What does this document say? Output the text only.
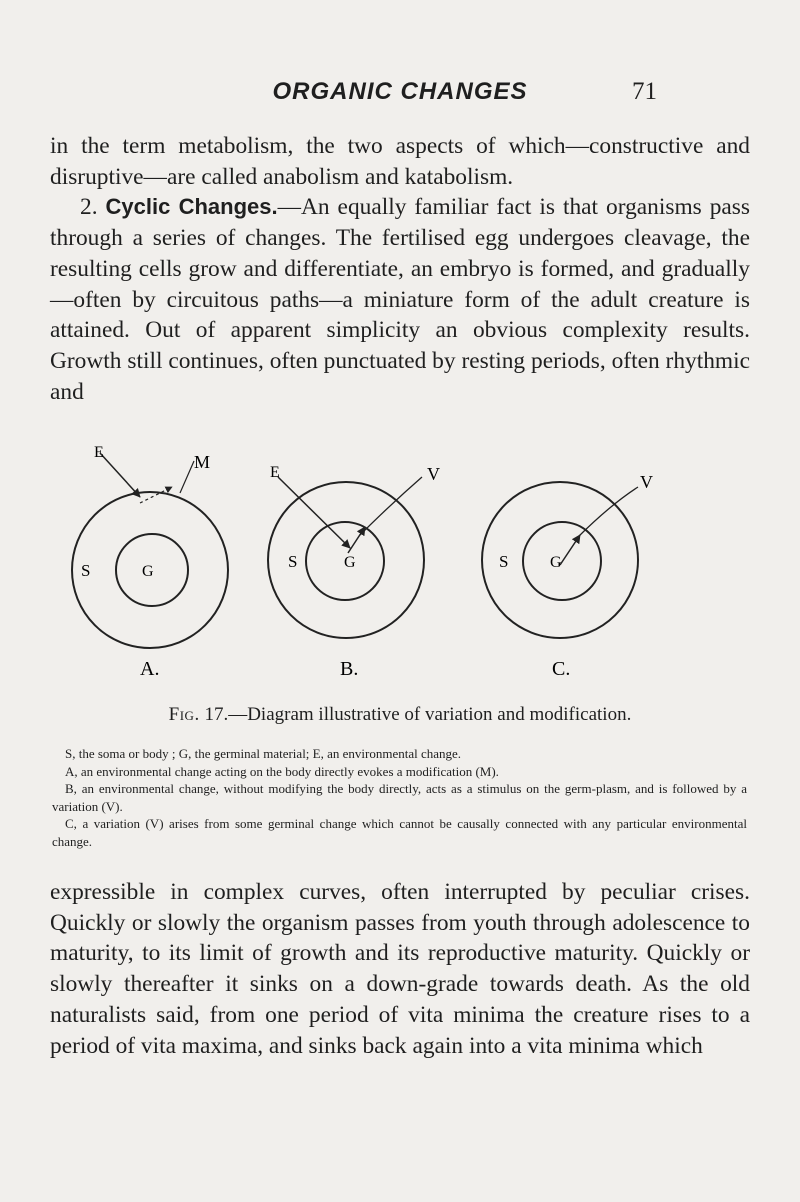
ORGANIC CHANGES	71

in the term metabolism, the two aspects of which—constructive and disruptive—are called anabolism and katabolism.

2. Cyclic Changes.—An equally familiar fact is that organisms pass through a series of changes. The fertilised egg undergoes cleavage, the resulting cells grow and differentiate, an embryo is formed, and gradually—often by circuitous paths—a miniature form of the adult creature is attained. Out of apparent simplicity an obvious complexity results. Growth still continues, often punctuated by resting periods, often rhythmic and

E	M
S	G
A.
E	V
S	G
B.
V
S	G
C.
Fig. 17.—Diagram illustrative of variation and modification.

S, the soma or body ; G, the germinal material; E, an environmental change.

A, an environmental change acting on the body directly evokes a modification (M).

B, an environmental change, without modifying the body directly, acts as a stimulus on the germ-plasm, and is followed by a variation (V).

C, a variation (V) arises from some germinal change which cannot be causally connected with any particular environmental change.

expressible in complex curves, often interrupted by peculiar crises. Quickly or slowly the organism passes from youth through adolescence to maturity, to its limit of growth and its reproductive maturity. Quickly or slowly thereafter it sinks on a down-grade towards death. As the old naturalists said, from one period of vita minima the creature rises to a period of vita maxima, and sinks back again into a vita minima which
